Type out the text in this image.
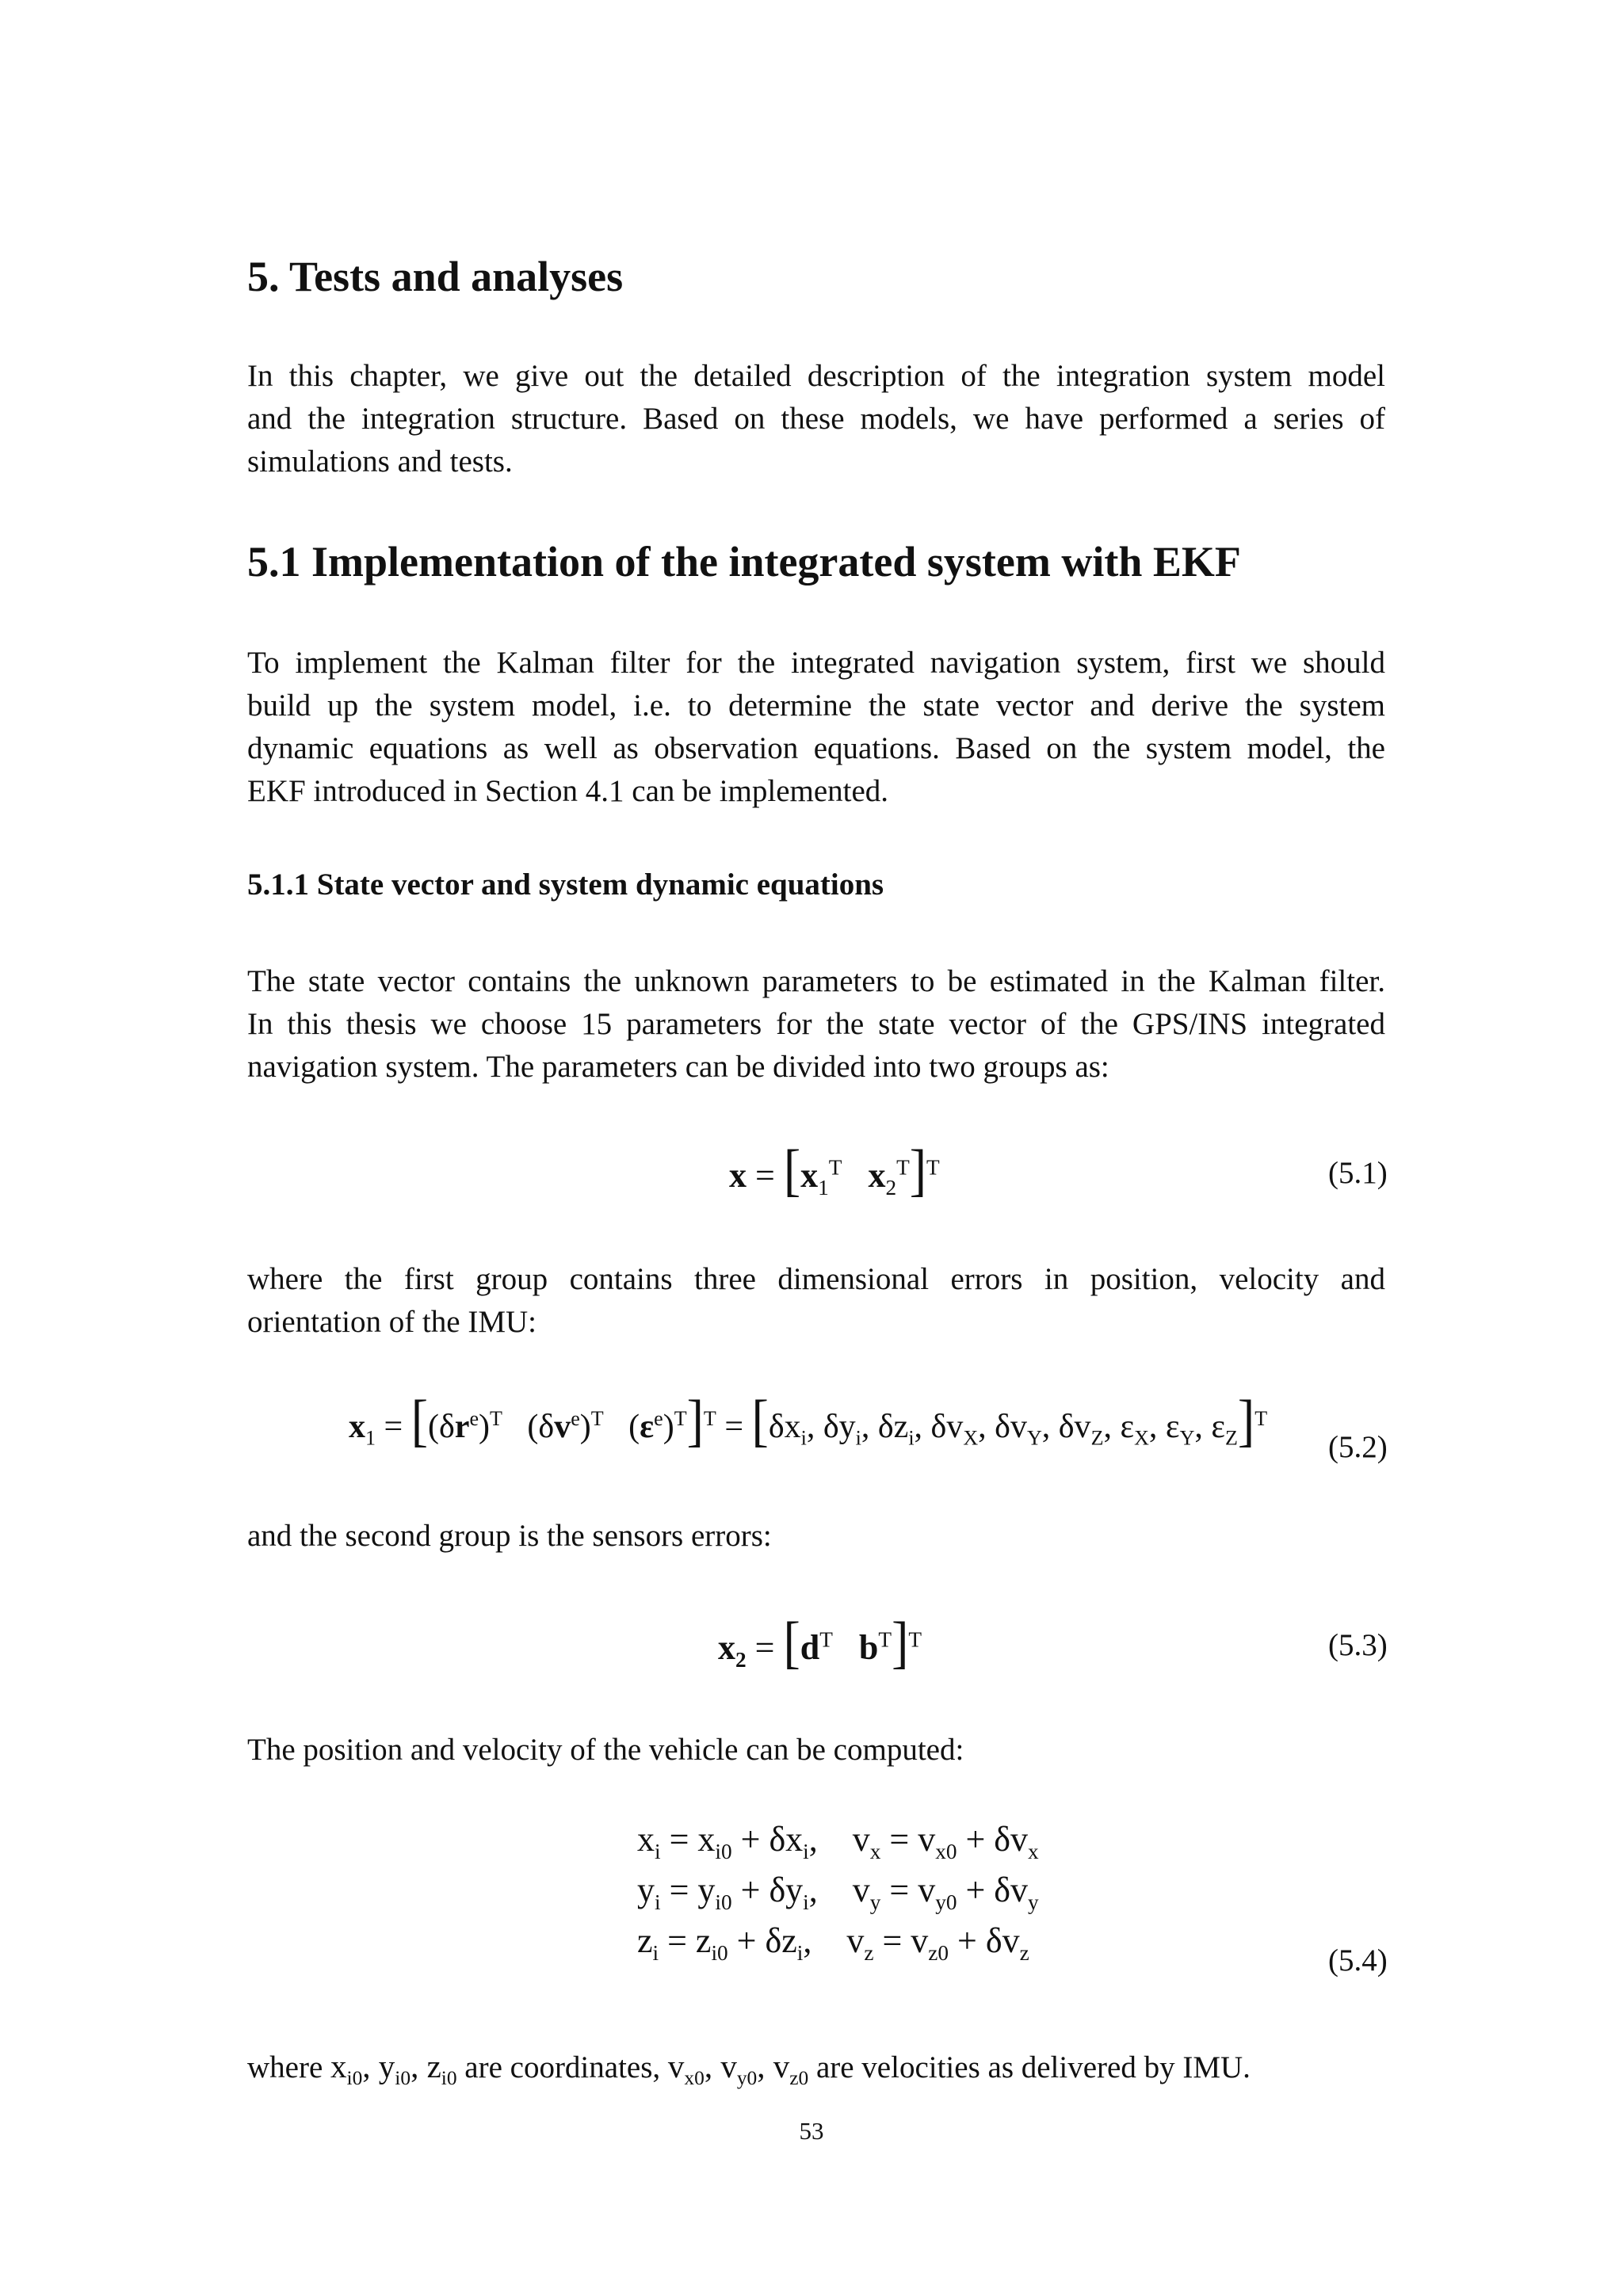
5. Tests and analyses
In this chapter, we give out the detailed description of the integration system model
and the integration structure. Based on these models, we have performed a series of
simulations and tests.
5.1 Implementation of the integrated system with EKF
To implement the Kalman filter for the integrated navigation system, first we should
build up the system model, i.e. to determine the state vector and derive the system
dynamic equations as well as observation equations. Based on the system model, the
EKF introduced in Section 4.1 can be implemented.
5.1.1 State vector and system dynamic equations
The state vector contains the unknown parameters to be estimated in the Kalman filter.
In this thesis we choose 15 parameters for the state vector of the GPS/INS integrated
navigation system. The parameters can be divided into two groups as:
$x = [x_1^T$ $x_2^T]^T$	(5.1)
where the first group contains three dimensional errors in position, velocity and
orientation of the IMU:
$x_1 = [(\delta r^e)^T$   $(\delta v^e)^T$   $(\varepsilon^e)^T]^T = [\delta x_i$, $\delta y_i$, $\delta z_i$, $\delta v_X$, $\delta v_Y$, $\delta v_Z$, $\varepsilon_X$, $\varepsilon_Y$, $\varepsilon_Z]^T$
(5.2)
and the second group is the sensors errors:
$x_2 = [d^T$ $b^T]^T$	(5.3)
The position and velocity of the vehicle can be computed:
$x_i = x_{i0} + \delta x_i$,    $v_x = v_{x0} + \delta v_x$
$y_i = y_{i0} + \delta y_i$,    $v_y = v_{y0} + \delta v_y$
$z_i = z_{i0} + \delta z_i$,    $v_z = v_{z0} + \delta v_z$	(5.4)
where $x_{i0}$, $y_{i0}$, $z_{i0}$ are coordinates, $v_{x0}$, $v_{y0}$, $v_{z0}$ are velocities as delivered by IMU.
53
